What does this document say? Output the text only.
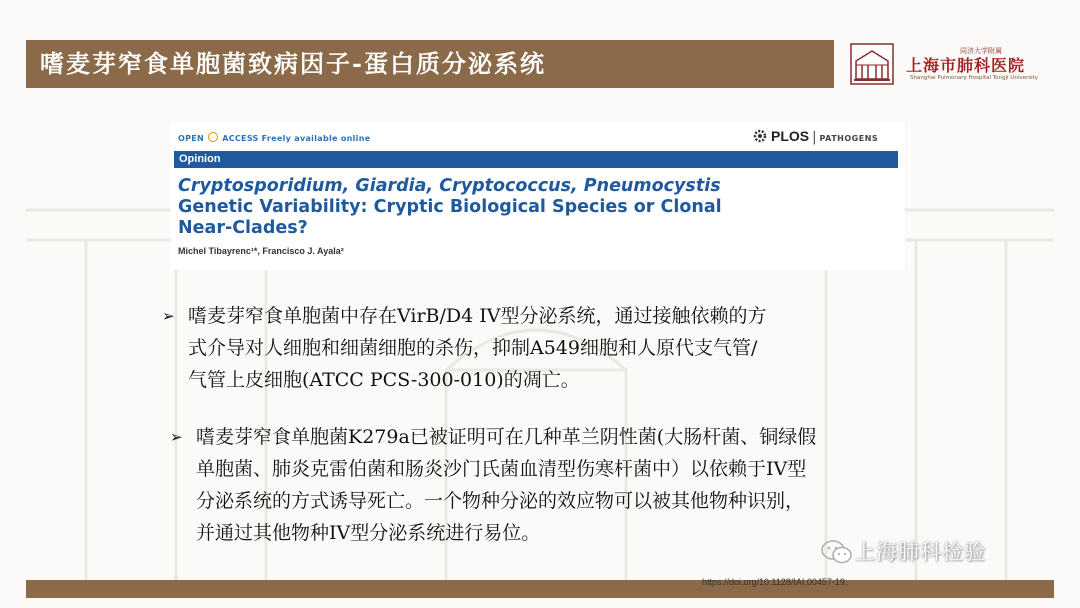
嗜麦芽窄食单胞菌致病因子-蛋白质分泌系统	同济大学附属
上海市肺科医院
Shanghai Pulmonary Hospital Tongji University
OPEN ACCESS Freely available online	PLOS | PATHOGENS
Opinion
Cryptosporidium, Giardia, Cryptococcus, Pneumocystis
Genetic Variability: Cryptic Biological Species or Clonal
Near-Clades?
Michel Tibayrenc¹*, Francisco J. Ayala²
➢ 嗜麦芽窄食单胞菌中存在VirB/D4 IV型分泌系统，通过接触依赖的方
式介导对人细胞和细菌细胞的杀伤，抑制A549细胞和人原代支气管/
气管上皮细胞(ATCC PCS-300-010)的凋亡。
➢ 嗜麦芽窄食单胞菌K279a已被证明可在几种革兰阴性菌(大肠杆菌、铜绿假
单胞菌、肺炎克雷伯菌和肠炎沙门氏菌血清型伤寒杆菌中）以依赖于IV型
分泌系统的方式诱导死亡。一个物种分泌的效应物可以被其他物种识别，
并通过其他物种IV型分泌系统进行易位。
上海肺科检验
https://doi.org/10.1128/IAI.00457-19.
